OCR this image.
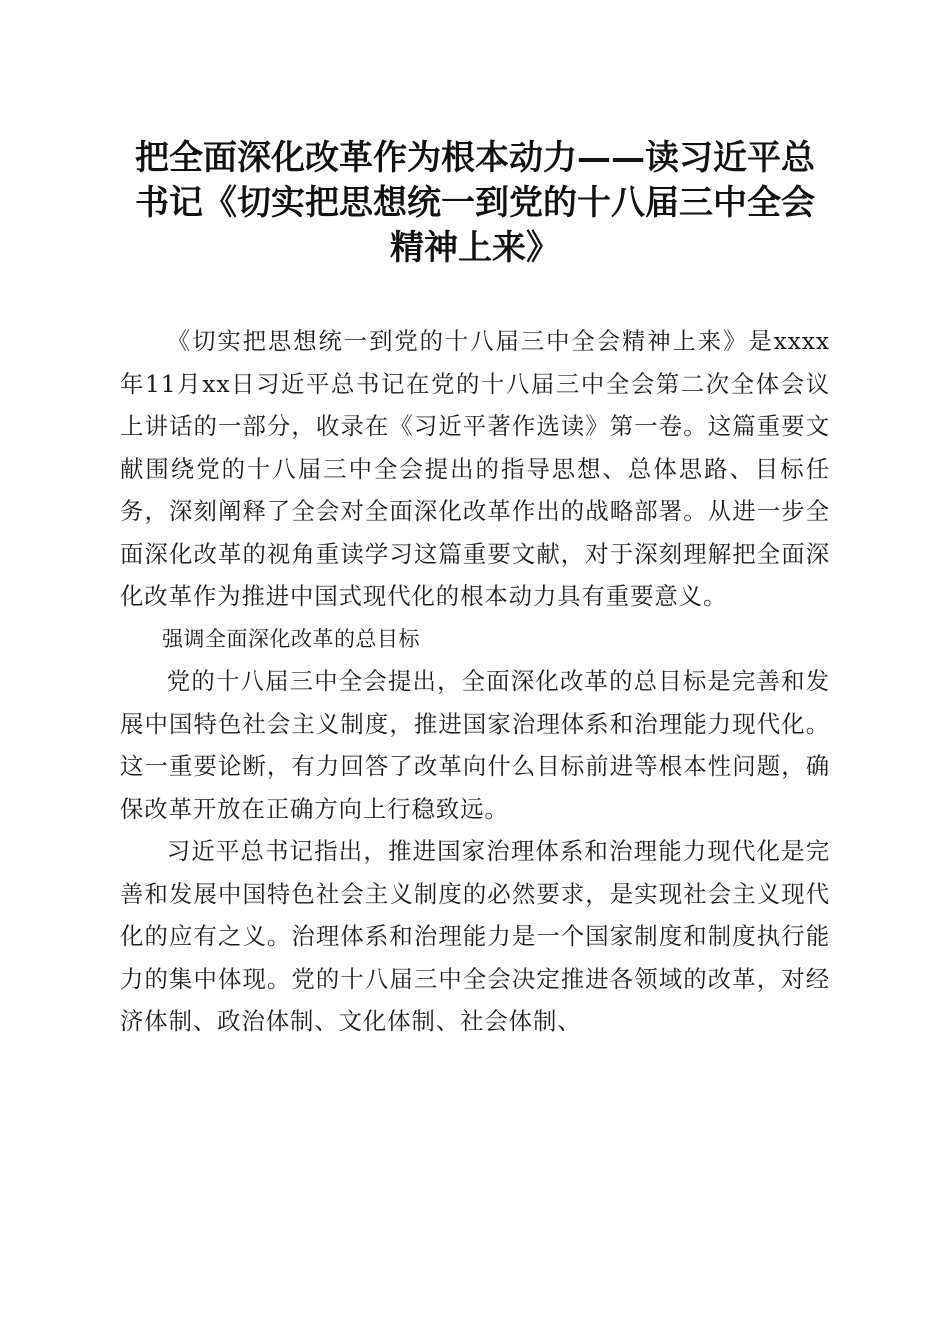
把全面深化改革作为根本动力——读习近平总
书记《切实把思想统一到党的十八届三中全会
精神上来》

《切实把思想统一到党的十八届三中全会精神上来》是xxxx年11月xx日习近平总书记在党的十八届三中全会第二次全体会议上讲话的一部分，收录在《习近平著作选读》第一卷。这篇重要文献围绕党的十八届三中全会提出的指导思想、总体思路、目标任务，深刻阐释了全会对全面深化改革作出的战略部署。从进一步全面深化改革的视角重读学习这篇重要文献，对于深刻理解把全面深化改革作为推进中国式现代化的根本动力具有重要意义。

强调全面深化改革的总目标

党的十八届三中全会提出，全面深化改革的总目标是完善和发展中国特色社会主义制度，推进国家治理体系和治理能力现代化。这一重要论断，有力回答了改革向什么目标前进等根本性问题，确保改革开放在正确方向上行稳致远。

习近平总书记指出，推进国家治理体系和治理能力现代化是完善和发展中国特色社会主义制度的必然要求，是实现社会主义现代化的应有之义。治理体系和治理能力是一个国家制度和制度执行能力的集中体现。党的十八届三中全会决定推进各领域的改革，对经济体制、政治体制、文化体制、社会体制、
